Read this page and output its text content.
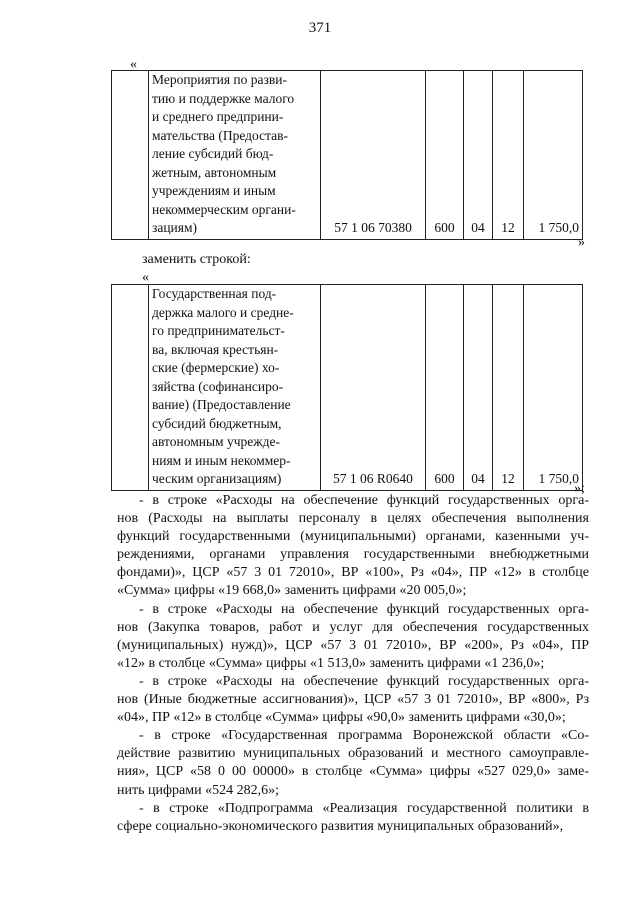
371
«

Мероприятия по разви-
тию и поддержке малого
и среднего предприни-
мательства (Предостав-
ление субсидий бюд-
жетным, автономным
учреждениям и иным
некоммерческим органи-
зациям)	57 1 06 70380	600	04	12	1 750,0
»
заменить строкой:
«

Государственная под-
держка малого и средне-
го предпринимательст-
ва, включая крестьян-
ские (фермерские) хо-
зяйства (софинансиро-
вание) (Предоставление
субсидий бюджетным,
автономным учрежде-
ниям и иным некоммер-
ческим организациям)	57 1 06 R0640	600	04	12	1 750,0
»;

- в строке «Расходы на обеспечение функций государственных орга-
нов (Расходы на выплаты персоналу в целях обеспечения выполнения
функций государственными (муниципальными) органами, казенными уч-
реждениями, органами управления государственными внебюджетными
фондами)», ЦСР «57 3 01 72010», ВР «100», Рз «04», ПР «12» в столбце
«Сумма» цифры «19 668,0» заменить цифрами «20 005,0»;

- в строке «Расходы на обеспечение функций государственных орга-
нов (Закупка товаров, работ и услуг для обеспечения государственных
(муниципальных) нужд)», ЦСР «57 3 01 72010», ВР «200», Рз «04», ПР
«12» в столбце «Сумма» цифры «1 513,0» заменить цифрами «1 236,0»;

- в строке «Расходы на обеспечение функций государственных орга-
нов (Иные бюджетные ассигнования)», ЦСР «57 3 01 72010», ВР «800», Рз
«04», ПР «12» в столбце «Сумма» цифры «90,0» заменить цифрами «30,0»;

- в строке «Государственная программа Воронежской области «Со-
действие развитию муниципальных образований и местного самоуправле-
ния», ЦСР «58 0 00 00000» в столбце «Сумма» цифры «527 029,0» заме-
нить цифрами «524 282,6»;

- в строке «Подпрограмма «Реализация государственной политики в
сфере социально-экономического развития муниципальных образований»,
